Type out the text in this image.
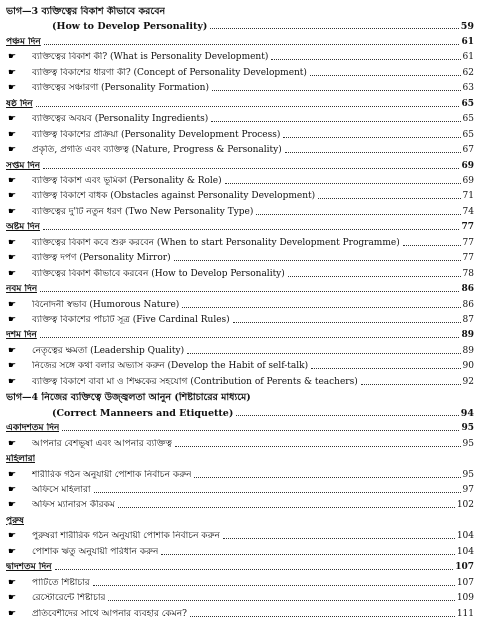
ভাগ—3 ব্যক্তিত্বের বিকাশ কীভাবে করবেন
(How to Develop Personality)	59
পঞ্চম দিন	61
☛	ব্যক্তিত্বের বিকাশ কী? (What is Personality Development)	61
☛	ব্যক্তিত্ব বিকাশের ধারণা কী? (Concept of Personality Development)	62
☛	ব্যক্তিত্বের সঞ্চারণা (Personality Formation)	63
ষষ্ঠ দিন	65
☛	ব্যক্তিত্বের অবয়ব (Personality Ingredients)	65
☛	ব্যক্তিত্ব বিকাশের প্রক্রিয়া (Personality Development Process)	65
☛	প্রকৃতি, প্রগতি এবং ব্যক্তিত্ব (Nature, Progress & Personality)	67
সপ্তম দিন	69
☛	ব্যক্তিত্ব বিকাশ এবং ভূমিকা (Personality & Role)	69
☛	ব্যক্তিত্ব বিকাশে বাধক (Obstacles against Personality Development)	71
☛	ব্যক্তিত্বের দু'টি নতুন ধরণ (Two New Personality Type)	74
অষ্টম দিন	77
☛	ব্যক্তিত্বের বিকাশ কবে শুরু করবেন (When to start Personality Development Programme)	77
☛	ব্যক্তিত্ব দর্পণ (Personality Mirror)	77
☛	ব্যক্তিত্বের বিকাশ কীভাবে করবেন (How to Develop Personality)	78
নবম দিন	86
☛	বিনোদনী স্বভাব (Humorous Nature)	86
☛	ব্যক্তিত্ব বিকাশের পাঁচটি সূত্র (Five Cardinal Rules)	87
দশম দিন	89
☛	নেতৃত্বের ক্ষমতা (Leadership Quality)	89
☛	নিজের সঙ্গে কথা বলার অভ্যাস করুন (Develop the Habit of self-talk)	90
☛	ব্যক্তিত্ব বিকাশে বাবা মা ও শিক্ষকের সহযোগ (Contribution of Perents & teachers)	92
ভাগ—4 নিজের ব্যক্তিত্বে উজ্জ্বলতা আনুন (শিষ্টাচারের মাধ্যমে)
(Correct Manneers and Etiquette)	94
একাদশতম দিন	95
☛	আপনার বেশভূষা এবং আপনার ব্যক্তিত্ব	95
মহিলারা
☛	শারীরিক গঠন অনুযায়ী পোশাক নির্বাচন করুন	95
☛	অফিসে মহিলারা	97
☛	অফিস ম্যানারস কীরকম	102
পুরুষ
☛	পুরুষরা শারীরিক গঠন অনুযায়ী পোশাক নির্বাচন করুন	104
☛	পোশাক ঋতু অনুযায়ী পরিধান করুন	104
দ্বাদশতম দিন	107
☛	পার্টিতে শিষ্টাচার	107
☛	রেস্টোরেন্টে শিষ্টাচার	109
☛	প্রতিবেশীদের সাথে আপনার ব্যবহার কেমন?	111
